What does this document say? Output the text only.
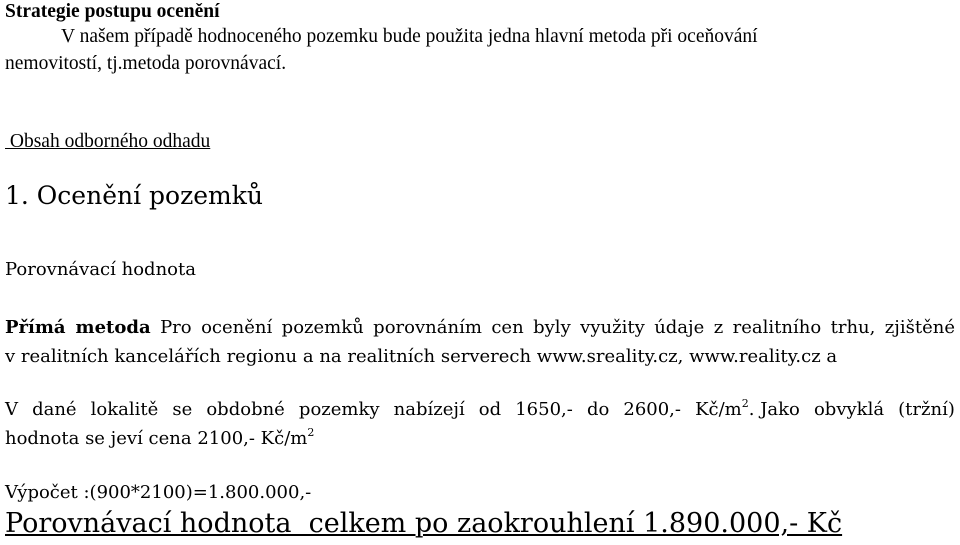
Strategie postupu ocenění

V našem případě hodnoceného pozemku bude použita jedna hlavní metoda při oceňování

nemovitostí, tj.metoda porovnávací.

Obsah odborného odhadu

1. Ocenění pozemků

Porovnávací hodnota

Přímá metoda Pro ocenění pozemků porovnáním cen byly využity údaje z realitního trhu, zjištěné

v realitních kancelářích regionu a na realitních serverech www.sreality.cz, www.reality.cz a

V dané lokalitě se obdobné pozemky nabízejí od 1650,- do 2600,- $Kč/m^2$. Jako obvyklá (tržní)

hodnota se jeví cena 2100,- $Kč/m^2$

Výpočet :(900*2100)=1.800.000,-

Porovnávací hodnota  celkem po zaokrouhlení 1.890.000,- Kč
